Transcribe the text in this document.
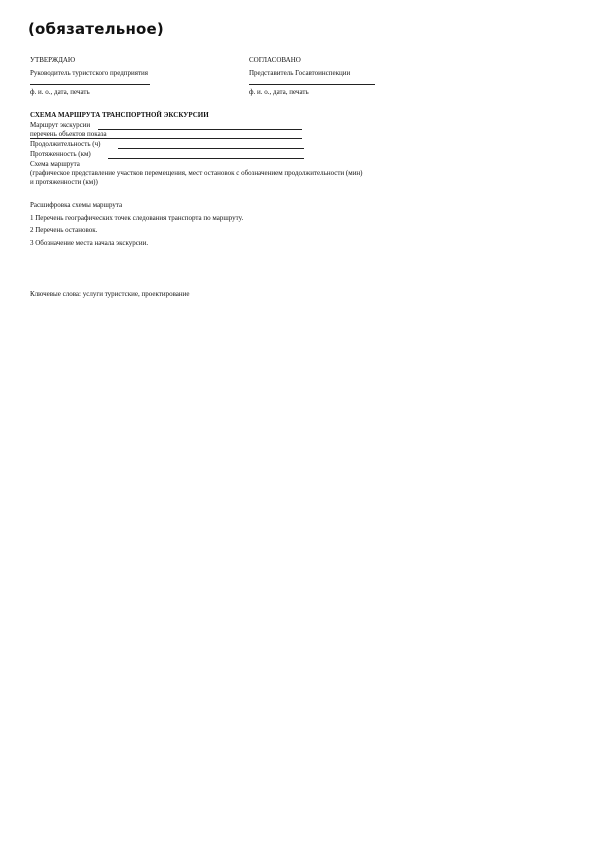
(обязательное)
УТВЕРЖДАЮ
Руководитель туристского предприятия
ф. и. о., дата, печать
СОГЛАСОВАНО
Представитель Госавтоинспекции
ф. и. о., дата, печать
СХЕМА МАРШРУТА ТРАНСПОРТНОЙ ЭКСКУРСИИ
Маршрут экскурсии
перечень объектов показа
Продолжительность (ч)
Протяженность (км)
Схема маршрута
(графическое представление участков перемещения, мест остановок с обозначением продолжительности (мин)
и протяженности (км))
Расшифровка схемы маршрута
1 Перечень географических точек следования транспорта по маршруту.
2 Перечень остановок.
3 Обозначение места начала экскурсии.
Ключевые слова: услуги туристские, проектирование
